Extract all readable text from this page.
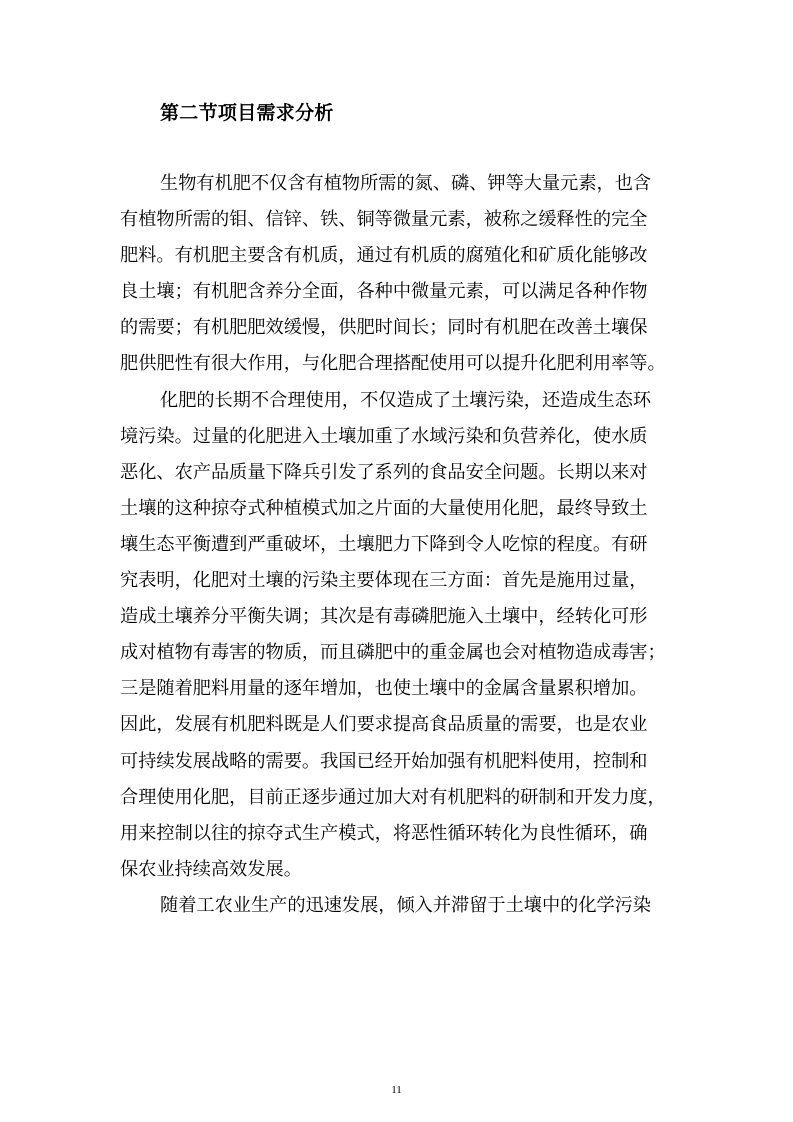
第二节项目需求分析
生物有机肥不仅含有植物所需的氮、磷、钾等大量元素，也含
有植物所需的钼、信锌、铁、铜等微量元素，被称之缓释性的完全
肥料。有机肥主要含有机质，通过有机质的腐殖化和矿质化能够改
良土壤；有机肥含养分全面，各种中微量元素，可以满足各种作物
的需要；有机肥肥效缓慢，供肥时间长；同时有机肥在改善土壤保
肥供肥性有很大作用，与化肥合理搭配使用可以提升化肥利用率等。
化肥的长期不合理使用，不仅造成了土壤污染，还造成生态环
境污染。过量的化肥进入土壤加重了水域污染和负营养化，使水质
恶化、农产品质量下降兵引发了系列的食品安全问题。长期以来对
土壤的这种掠夺式种植模式加之片面的大量使用化肥，最终导致土
壤生态平衡遭到严重破坏，土壤肥力下降到令人吃惊的程度。有研
究表明，化肥对土壤的污染主要体现在三方面：首先是施用过量，
造成土壤养分平衡失调；其次是有毒磷肥施入土壤中，经转化可形
成对植物有毒害的物质，而且磷肥中的重金属也会对植物造成毒害；
三是随着肥料用量的逐年增加，也使土壤中的金属含量累积增加。
因此，发展有机肥料既是人们要求提高食品质量的需要，也是农业
可持续发展战略的需要。我国已经开始加强有机肥料使用，控制和
合理使用化肥，目前正逐步通过加大对有机肥料的研制和开发力度，
用来控制以往的掠夺式生产模式，将恶性循环转化为良性循环，确
保农业持续高效发展。
随着工农业生产的迅速发展，倾入并滞留于土壤中的化学污染
11
